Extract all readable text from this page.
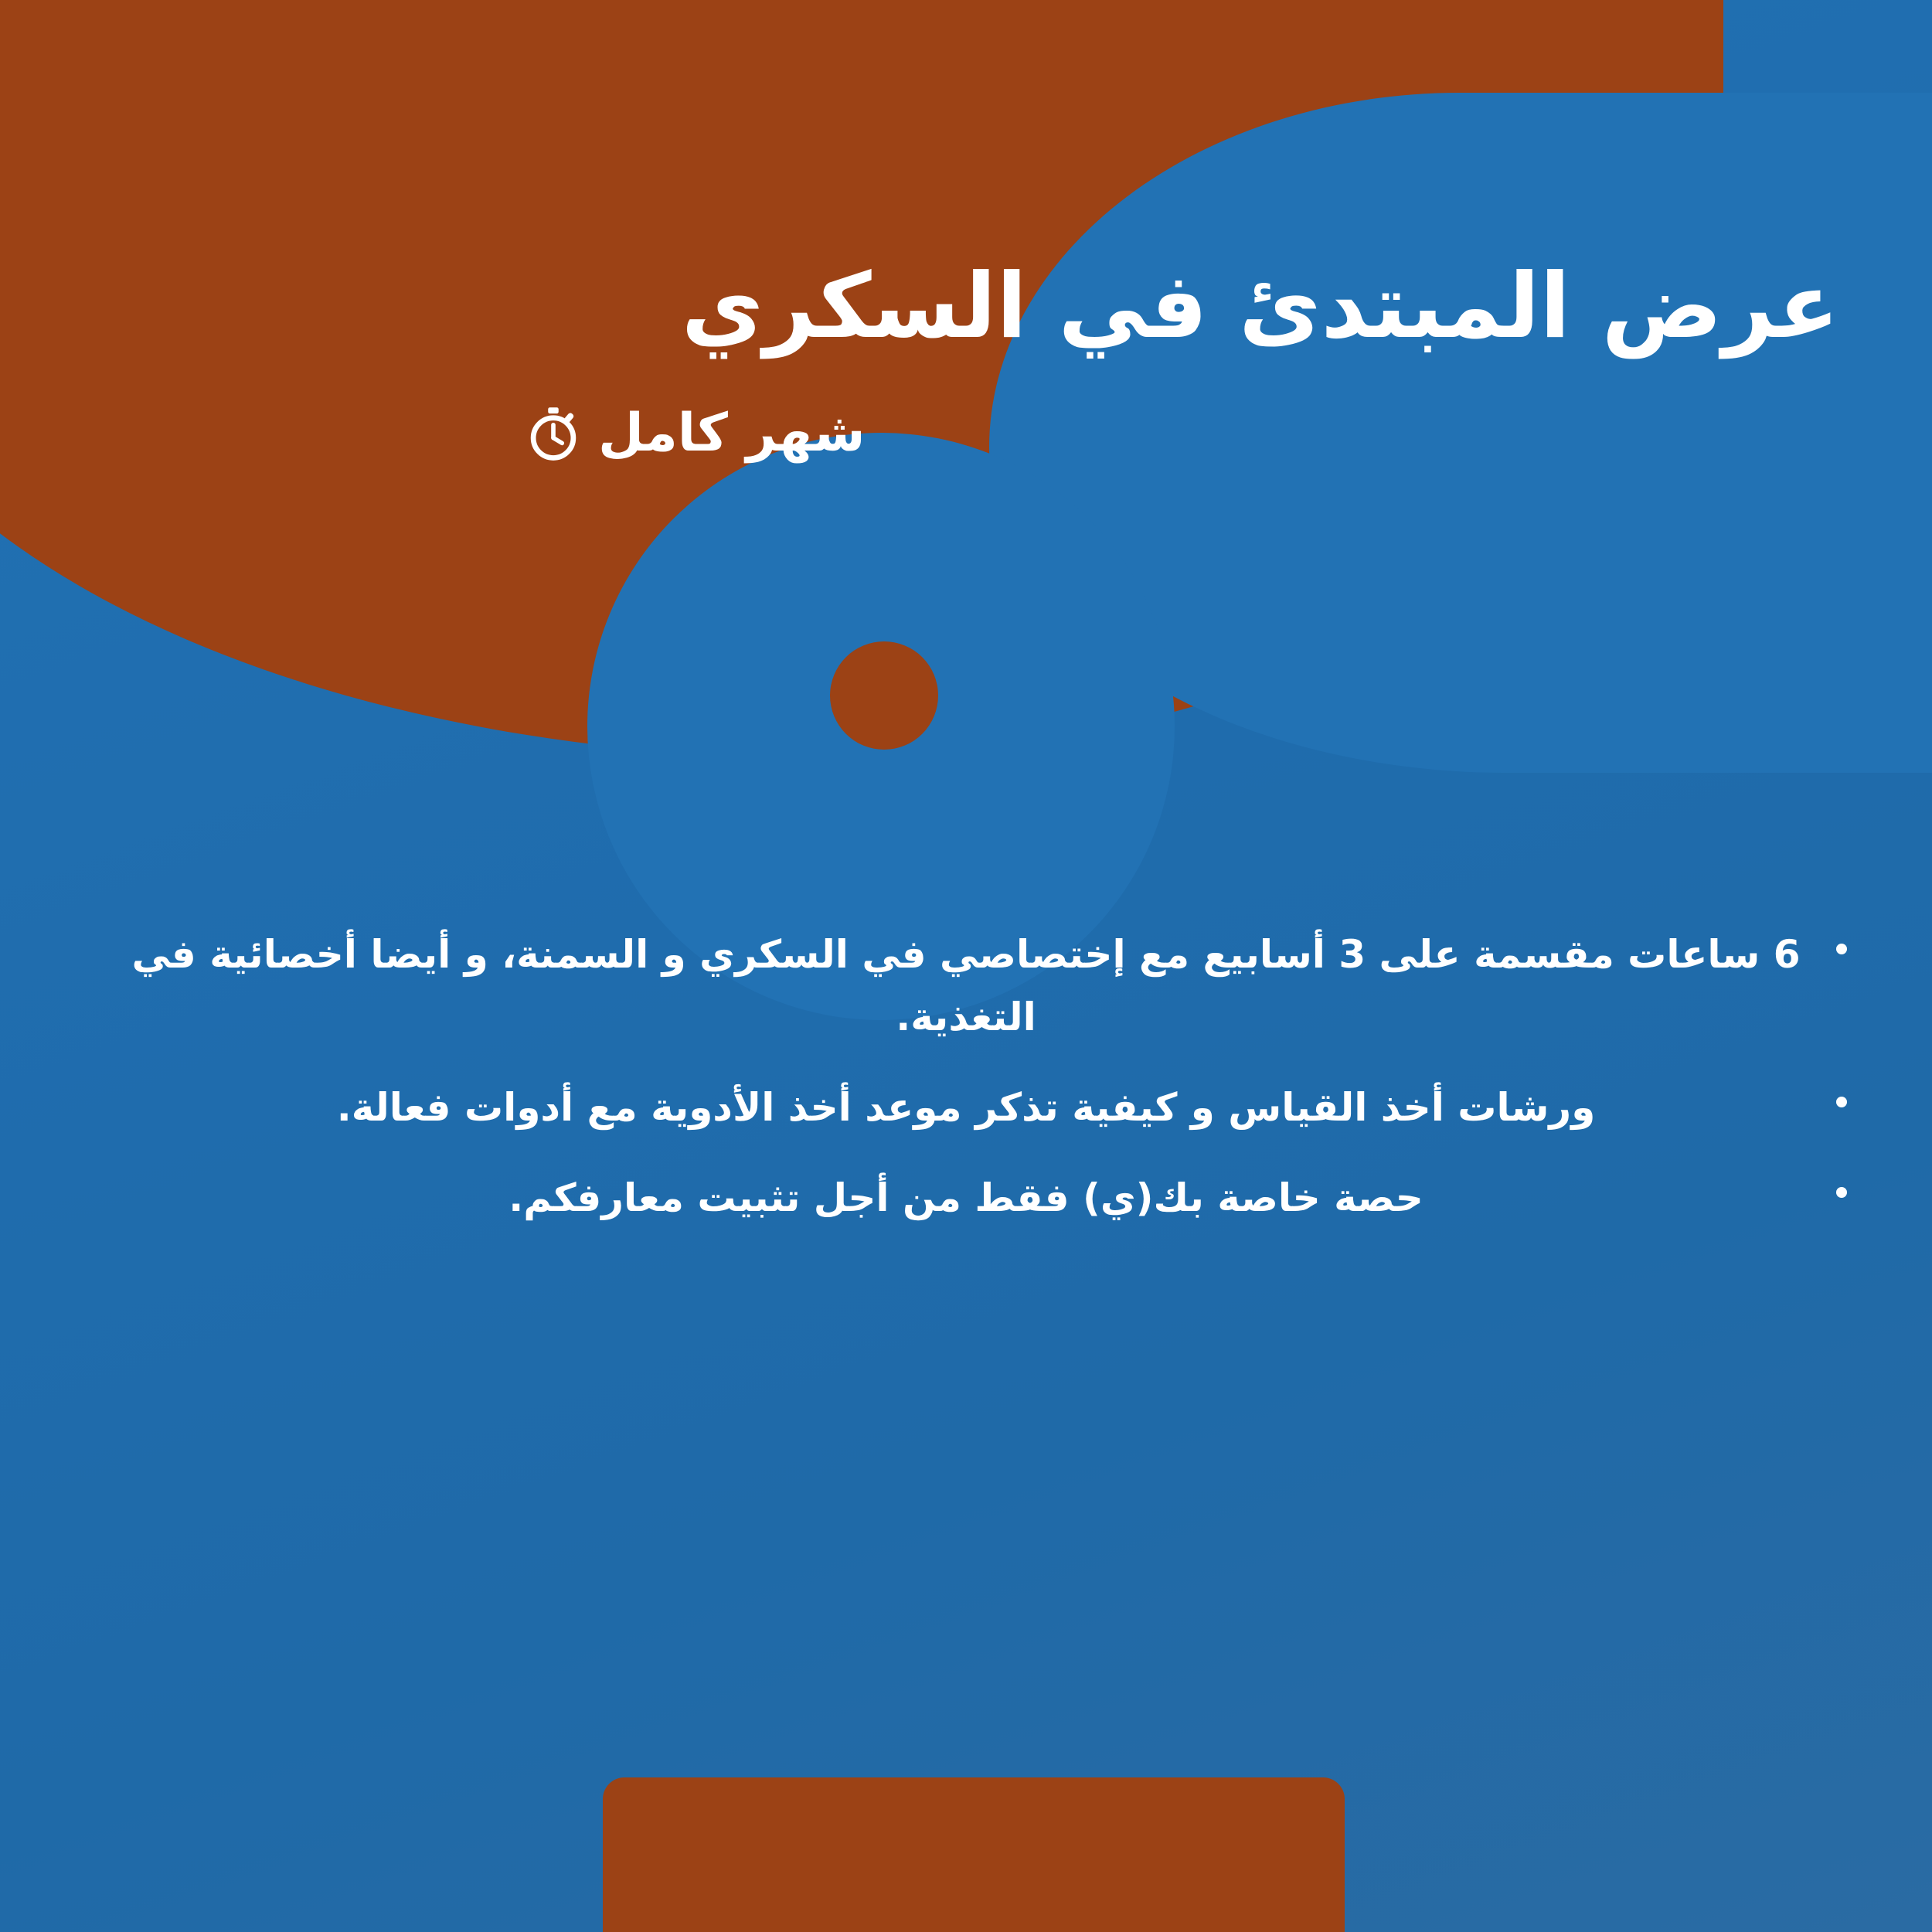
عرض المبتدئ في السكري
شهر كامل
6 ساعات مقسمة على 3 أسابيع مع إختصاصي في السكري و السمنة، و أيضا أخصائية في التغذية.
ورشات أخذ القياس و كيفية تذكر موعد أخذ الأدوية مع أدوات فعالة.
حصة خاصة بك(ي) فقط من أجل تثبيت معارفكم.
